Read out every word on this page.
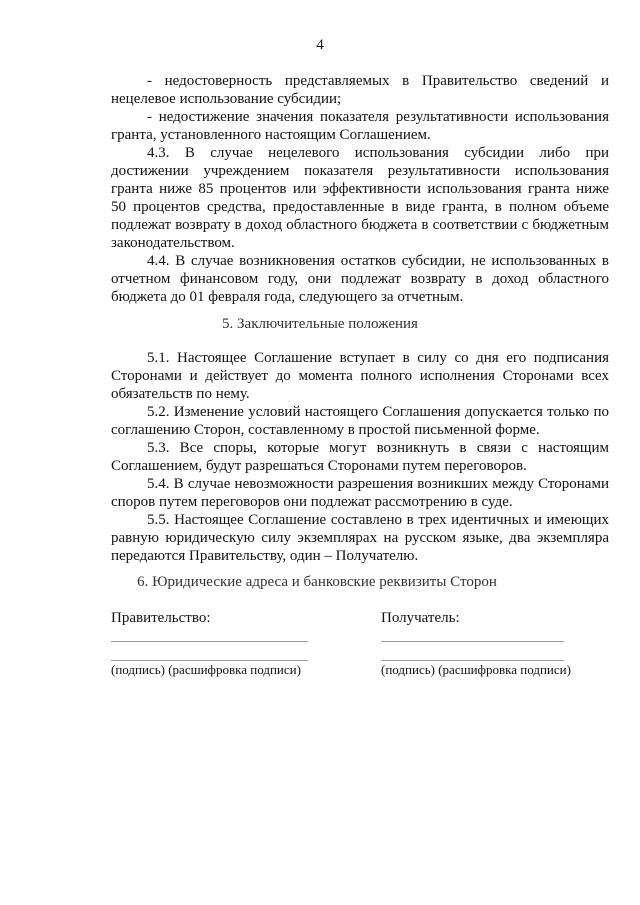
4
- недостоверность представляемых в Правительство сведений и
нецелевое использование субсидии;
- недостижение значения показателя результативности использования
гранта, установленного настоящим Соглашением.
4.3. В случае нецелевого использования субсидии либо при
достижении учреждением показателя результативности использования
гранта ниже 85 процентов или эффективности использования гранта ниже
50 процентов средства, предоставленные в виде гранта, в полном объеме
подлежат возврату в доход областного бюджета в соответствии с бюджетным
законодательством.
4.4. В случае возникновения остатков субсидии, не использованных в
отчетном финансовом году, они подлежат возврату в доход областного
бюджета до 01 февраля года, следующего за отчетным.
5. Заключительные положения
5.1. Настоящее Соглашение вступает в силу со дня его подписания
Сторонами и действует до момента полного исполнения Сторонами всех
обязательств по нему.
5.2. Изменение условий настоящего Соглашения допускается только по
соглашению Сторон, составленному в простой письменной форме.
5.3. Все споры, которые могут возникнуть в связи с настоящим
Соглашением, будут разрешаться Сторонами путем переговоров.
5.4. В случае невозможности разрешения возникших между Сторонами
споров путем переговоров они подлежат рассмотрению в суде.
5.5. Настоящее Соглашение составлено в трех идентичных и имеющих
равную юридическую силу экземплярах на русском языке, два экземпляра
передаются Правительству, один – Получателю.
6. Юридические адреса и банковские реквизиты Сторон
Правительство:	Получатель:
(подпись) (расшифровка подписи)	(подпись) (расшифровка подписи)
